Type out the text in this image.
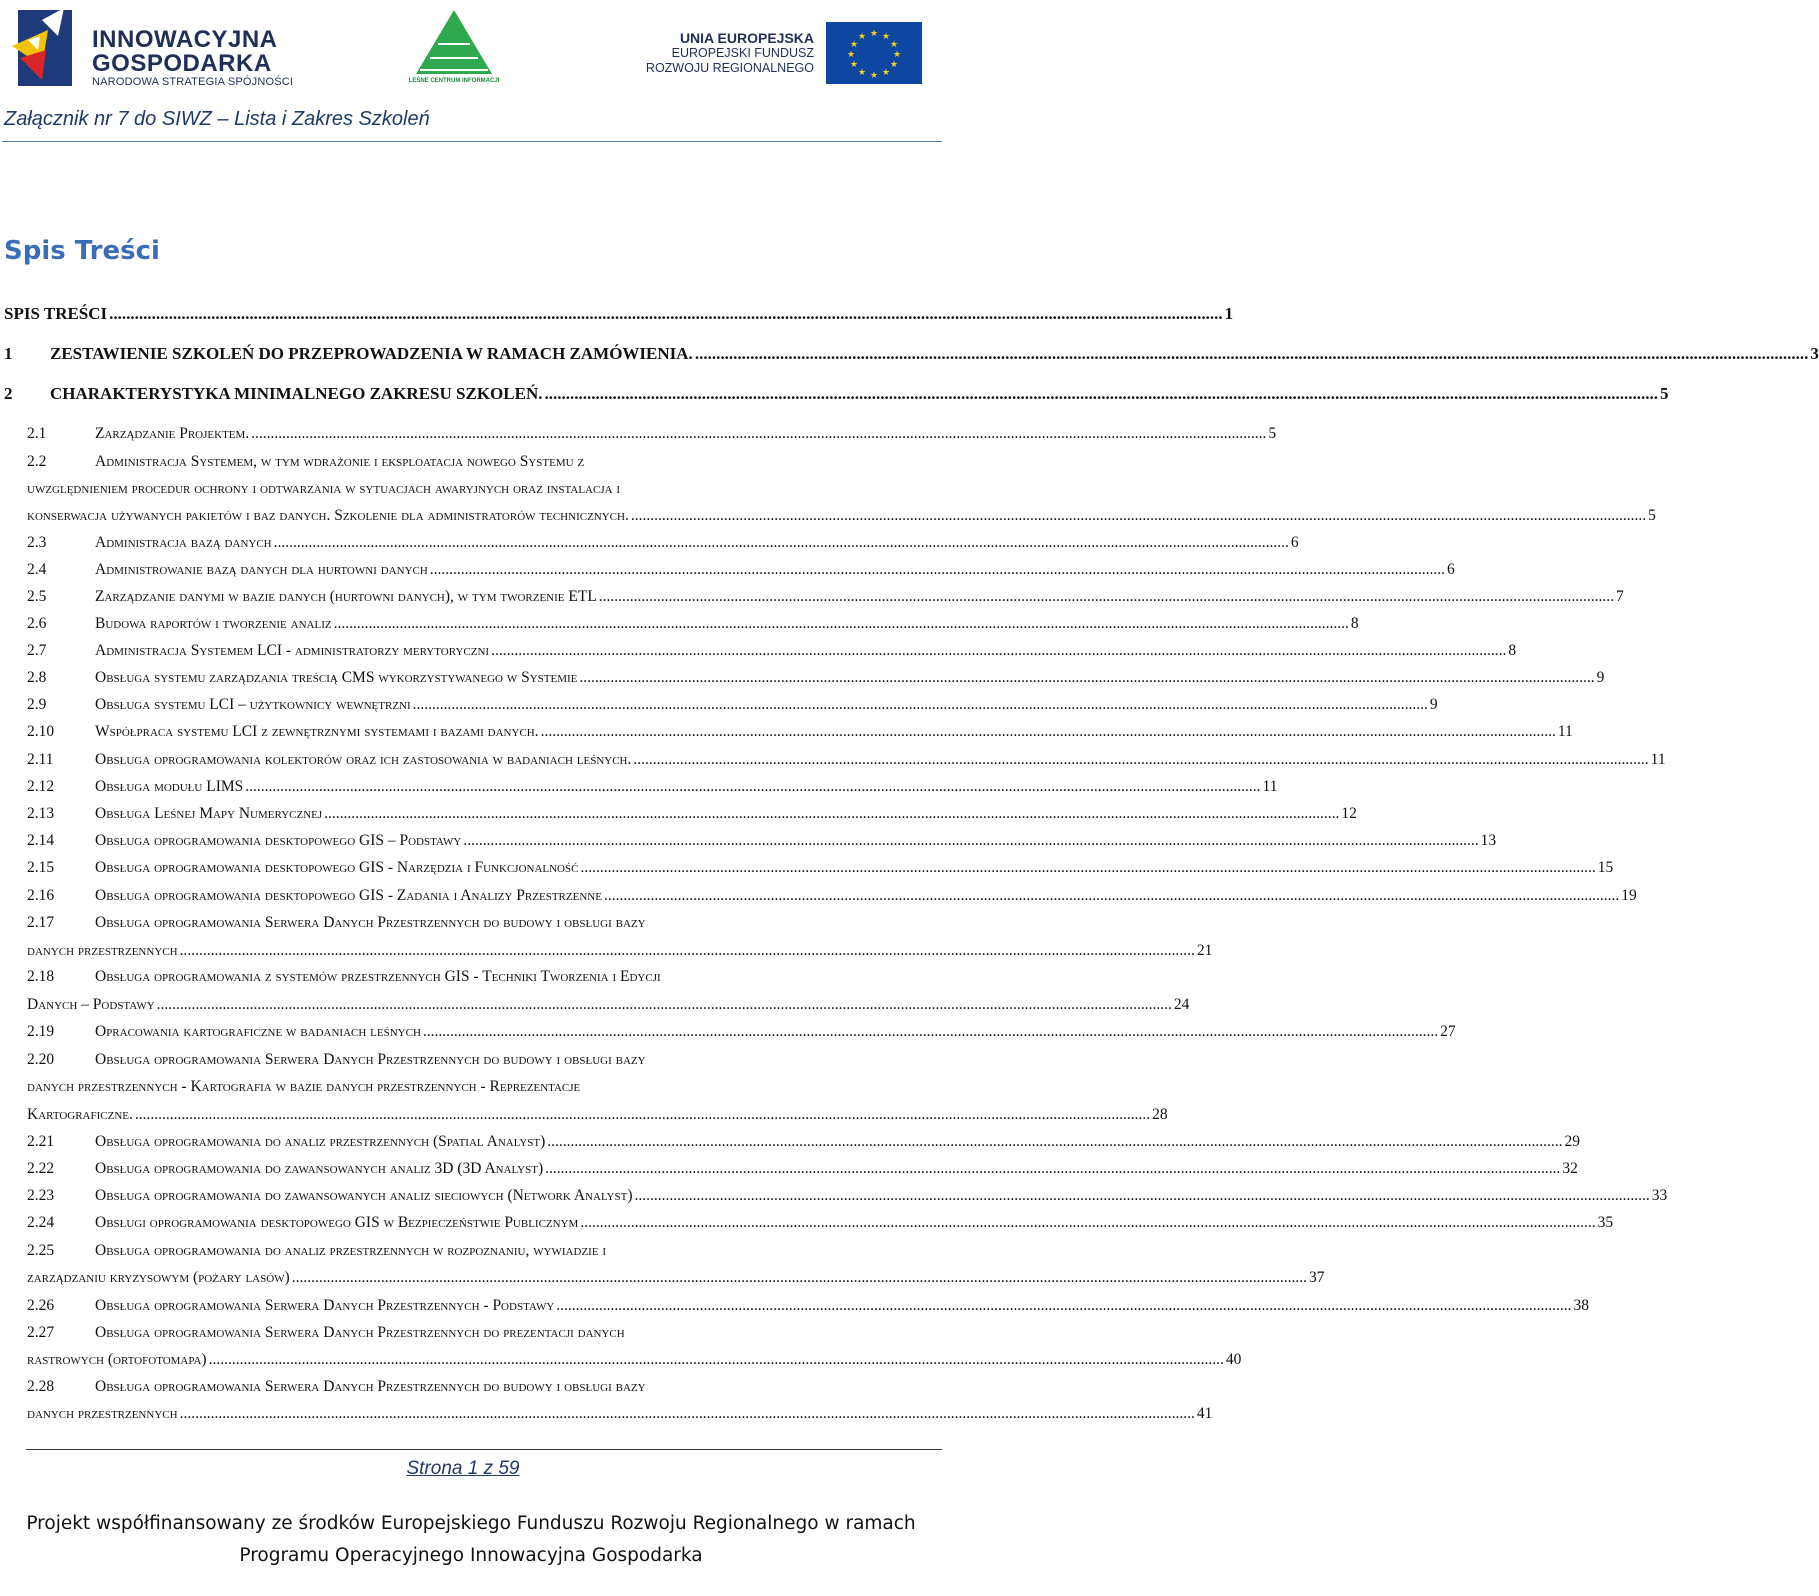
INNOWACYJNA
GOSPODARKA
NARODOWA STRATEGIA SPÓJNOŚCI	LEŚNE CENTRUM INFORMACJI
UNIA EUROPEJSKA
EUROPEJSKI FUNDUSZ
ROZWOJU REGIONALNEGO
★ ★
★
★
★
★
★
★
★
★
★
★
Załącznik nr 7 do SIWZ – Lista i Zakres Szkoleń
Spis Treści
SPIS TREŚCI .....	1
1	ZESTAWIENIE SZKOLEŃ DO PRZEPROWADZENIA W RAMACH ZAMÓWIENIA. .....	3
2	CHARAKTERYSTYKA MINIMALNEGO ZAKRESU SZKOLEŃ. .....	5
2.1	Zarządzanie Projektem. .....	5
2.2	Administracja Systemem, w tym wdrażonie i eksploatacja nowego Systemu z
uwzględnieniem procedur ochrony i odtwarzania w sytuacjach awaryjnych oraz instalacja i
konserwacja używanych pakietów i baz danych. Szkolenie dla administratorów technicznych. .....	5
2.3	Administracja bazą danych .....	6
2.4	Administrowanie bazą danych dla hurtowni danych .....	6
2.5	Zarządzanie danymi w bazie danych (hurtowni danych), w tym tworzenie ETL .....	7
2.6	Budowa raportów i tworzenie analiz .....	8
2.7	Administracja Systemem LCI - administratorzy merytoryczni .....	8
2.8	Obsługa systemu zarządzania treścią CMS wykorzystywanego w Systemie .....	9
2.9	Obsługa systemu LCI – użytkownicy wewnętrzni .....	9
2.10	Współpraca systemu LCI z zewnętrznymi systemami i bazami danych. .....	11
2.11	Obsługa oprogramowania kolektorów oraz ich zastosowania w badaniach leśnych. .....	11
2.12	Obsługa modułu LIMS .....	11
2.13	Obsługa Leśnej Mapy Numerycznej .....	12
2.14	Obsługa oprogramowania desktopowego GIS – Podstawy .....	13
2.15	Obsługa oprogramowania desktopowego GIS - Narzędzia i Funkcjonalność .....	15
2.16	Obsługa oprogramowania desktopowego GIS - Zadania i Analizy Przestrzenne .....	19
2.17	Obsługa oprogramowania Serwera Danych Przestrzennych do budowy i obsługi bazy
danych przestrzennych .....	21
2.18	Obsługa oprogramowania z systemów przestrzennych GIS - Techniki Tworzenia i Edycji
Danych – Podstawy .....	24
2.19	Opracowania kartograficzne w badaniach leśnych .....	27
2.20	Obsługa oprogramowania Serwera Danych Przestrzennych do budowy i obsługi bazy
danych przestrzennych - Kartografia w bazie danych przestrzennych - Reprezentacje
Kartograficzne. .....	28
2.21	Obsługa oprogramowania do analiz przestrzennych (Spatial Analyst) .....	29
2.22	Obsługa oprogramowania do zawansowanych analiz 3D (3D Analyst) .....	32
2.23	Obsługa oprogramowania do zawansowanych analiz sieciowych (Network Analyst) .....	33
2.24	Obsługi oprogramowania desktopowego GIS w Bezpieczeństwie Publicznym .....	35
2.25	Obsługa oprogramowania do analiz przestrzennych w rozpoznaniu, wywiadzie i
zarządzaniu kryzysowym (pożary lasów) .....	37
2.26	Obsługa oprogramowania Serwera Danych Przestrzennych - Podstawy .....	38
2.27	Obsługa oprogramowania Serwera Danych Przestrzennych do prezentacji danych
rastrowych (ortofotomapa) .....	40
2.28	Obsługa oprogramowania Serwera Danych Przestrzennych do budowy i obsługi bazy
danych przestrzennych .....	41
Strona 1 z 59
Projekt współfinansowany ze środków Europejskiego Funduszu Rozwoju Regionalnego w ramach
Programu Operacyjnego Innowacyjna Gospodarka
